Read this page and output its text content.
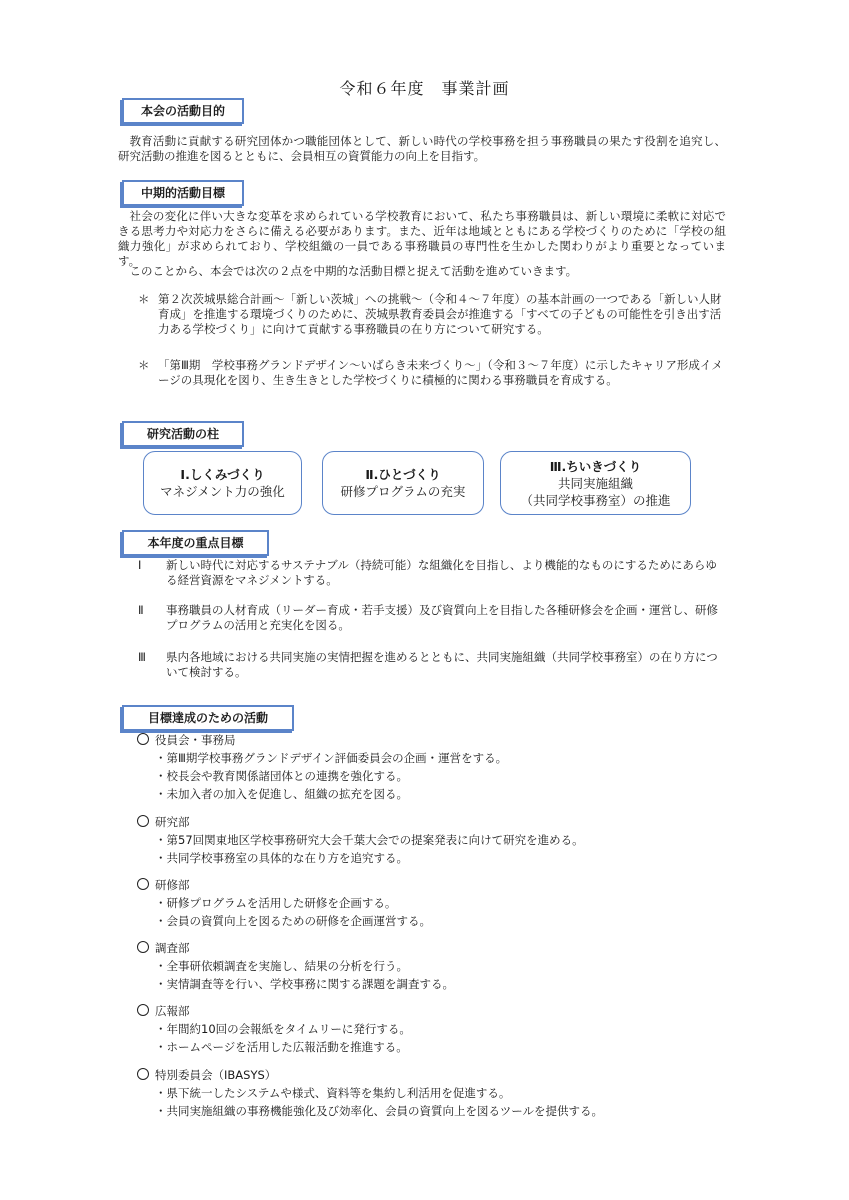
令和６年度　事業計画
本会の活動目的
教育活動に貢献する研究団体かつ職能団体として、新しい時代の学校事務を担う事務職員の果たす役割を追究し、研究活動の推進を図るとともに、会員相互の資質能力の向上を目指す。
中期的活動目標
社会の変化に伴い大きな変革を求められている学校教育において、私たち事務職員は、新しい環境に柔軟に対応できる思考力や対応力をさらに備える必要があります。また、近年は地域とともにある学校づくりのために「学校の組織力強化」が求められており、学校組織の一員である事務職員の専門性を生かした関わりがより重要となっています。
このことから、本会では次の２点を中期的な活動目標と捉えて活動を進めていきます。
＊ 第２次茨城県総合計画～「新しい茨城」への挑戦～（令和４～７年度）の基本計画の一つである「新しい人財育成」を推進する環境づくりのために、茨城県教育委員会が推進する「すべての子どもの可能性を引き出す活力ある学校づくり」に向けて貢献する事務職員の在り方について研究する。
＊ 「第Ⅲ期　学校事務グランドデザイン～いばらき未来づくり～」（令和３～７年度）に示したキャリア形成イメージの具現化を図り、生き生きとした学校づくりに積極的に関わる事務職員を育成する。
研究活動の柱
Ⅰ.しくみづくり
マネジメント力の強化
Ⅱ.ひとづくり
研修プログラムの充実
Ⅲ.ちいきづくり
共同実施組織
（共同学校事務室）の推進
本年度の重点目標
Ⅰ 新しい時代に対応するサステナブル（持続可能）な組織化を目指し、より機能的なものにするためにあらゆる経営資源をマネジメントする。
Ⅱ 事務職員の人材育成（リーダー育成・若手支援）及び資質向上を目指した各種研修会を企画・運営し、研修プログラムの活用と充実化を図る。
Ⅲ 県内各地域における共同実施の実情把握を進めるとともに、共同実施組織（共同学校事務室）の在り方について検討する。
目標達成のための活動
役員会・事務局
・第Ⅲ期学校事務グランドデザイン評価委員会の企画・運営をする。
・校長会や教育関係諸団体との連携を強化する。
・未加入者の加入を促進し、組織の拡充を図る。
研究部
・第57回関東地区学校事務研究大会千葉大会での提案発表に向けて研究を進める。
・共同学校事務室の具体的な在り方を追究する。
研修部
・研修プログラムを活用した研修を企画する。
・会員の資質向上を図るための研修を企画運営する。
調査部
・全事研依頼調査を実施し、結果の分析を行う。
・実情調査等を行い、学校事務に関する課題を調査する。
広報部
・年間約10回の会報紙をタイムリーに発行する。
・ホームページを活用した広報活動を推進する。
特別委員会（IBASYS）
・県下統一したシステムや様式、資料等を集約し利活用を促進する。
・共同実施組織の事務機能強化及び効率化、会員の資質向上を図るツールを提供する。
